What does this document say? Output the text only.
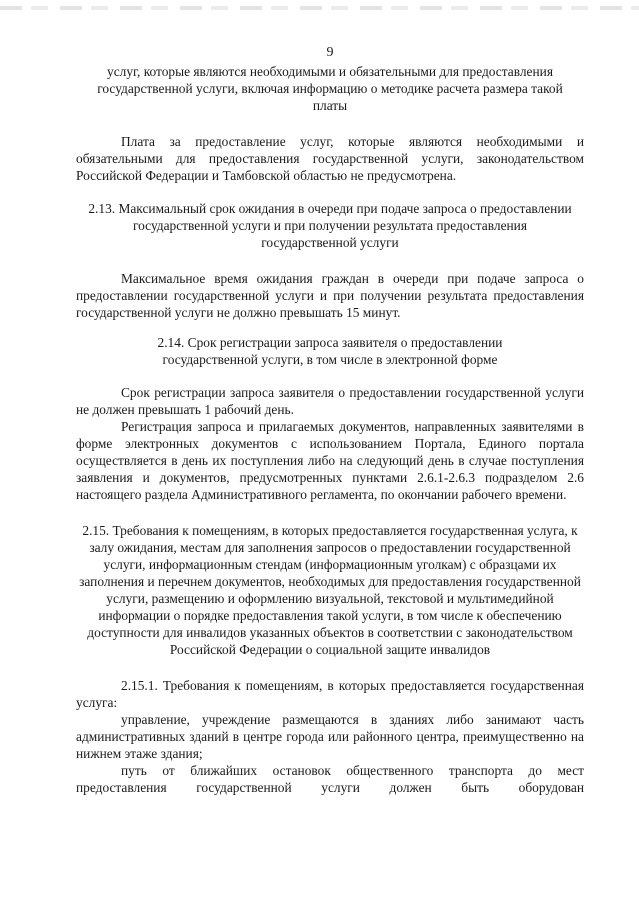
9
услуг, которые являются необходимыми и обязательными для предоставления государственной услуги, включая информацию о методике расчета размера такой платы
Плата за предоставление услуг, которые являются необходимыми и обязательными для предоставления государственной услуги, законодательством Российской Федерации и Тамбовской областью не предусмотрена.
2.13. Максимальный срок ожидания в очереди при подаче запроса о предоставлении государственной услуги и при получении результата предоставления государственной услуги
Максимальное время ожидания граждан в очереди при подаче запроса о предоставлении государственной услуги и при получении результата предоставления государственной услуги не должно превышать 15 минут.
2.14. Срок регистрации запроса заявителя о предоставлении государственной услуги, в том числе в электронной форме
Срок регистрации запроса заявителя о предоставлении государственной услуги не должен превышать 1 рабочий день.
Регистрация запроса и прилагаемых документов, направленных заявителями в форме электронных документов с использованием Портала, Единого портала осуществляется в день их поступления либо на следующий день в случае поступления заявления и документов, предусмотренных пунктами 2.6.1-2.6.3 подразделом 2.6 настоящего раздела Административного регламента, по окончании рабочего времени.
2.15. Требования к помещениям, в которых предоставляется государственная услуга, к залу ожидания, местам для заполнения запросов о предоставлении государственной услуги, информационным стендам (информационным уголкам) с образцами их заполнения и перечнем документов, необходимых для предоставления государственной услуги, размещению и оформлению визуальной, текстовой и мультимедийной информации о порядке предоставления такой услуги, в том числе к обеспечению доступности для инвалидов указанных объектов в соответствии с законодательством Российской Федерации о социальной защите инвалидов
2.15.1. Требования к помещениям, в которых предоставляется государственная услуга:
управление, учреждение размещаются в зданиях либо занимают часть административных зданий в центре города или районного центра, преимущественно на нижнем этаже здания;
путь от ближайших остановок общественного транспорта до мест предоставления государственной услуги должен быть оборудован
